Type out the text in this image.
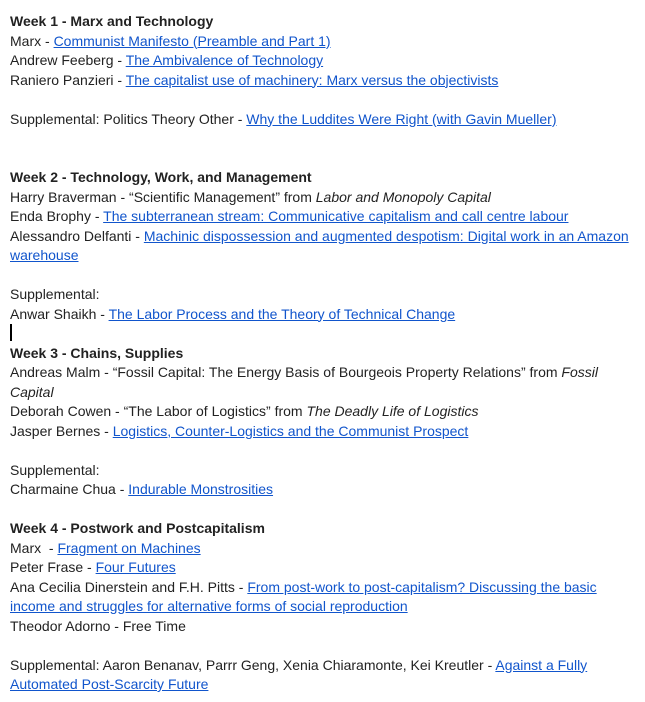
Week 1 - Marx and Technology
Marx - Communist Manifesto (Preamble and Part 1)
Andrew Feeberg - The Ambivalence of Technology
Raniero Panzieri - The capitalist use of machinery: Marx versus the objectivists
Supplemental: Politics Theory Other - Why the Luddites Were Right (with Gavin Mueller)
Week 2 - Technology, Work, and Management
Harry Braverman - “Scientific Management” from Labor and Monopoly Capital
Enda Brophy - The subterranean stream: Communicative capitalism and call centre labour
Alessandro Delfanti - Machinic dispossession and augmented despotism: Digital work in an Amazon warehouse
Supplemental:
Anwar Shaikh - The Labor Process and the Theory of Technical Change
Week 3 - Chains, Supplies
Andreas Malm - “Fossil Capital: The Energy Basis of Bourgeois Property Relations” from Fossil Capital
Deborah Cowen - “The Labor of Logistics” from The Deadly Life of Logistics
Jasper Bernes - Logistics, Counter-Logistics and the Communist Prospect
Supplemental:
Charmaine Chua - Indurable Monstrosities
Week 4 - Postwork and Postcapitalism
Marx  - Fragment on Machines
Peter Frase - Four Futures
Ana Cecilia Dinerstein and F.H. Pitts - From post-work to post-capitalism? Discussing the basic income and struggles for alternative forms of social reproduction
Theodor Adorno - Free Time
Supplemental: Aaron Benanav, Parrr Geng, Xenia Chiaramonte, Kei Kreutler - Against a Fully Automated Post-Scarcity Future
